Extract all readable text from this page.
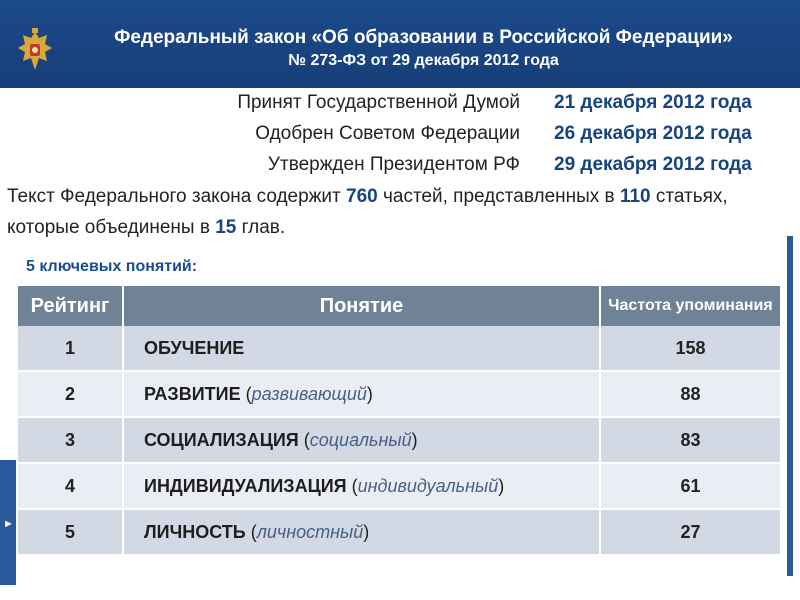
Федеральный закон «Об образовании в Российской Федерации»
№ 273-ФЗ от 29 декабря 2012 года
Принят Государственной Думой 21 декабря 2012 года
Одобрен Советом Федерации 26 декабря 2012 года
Утвержден Президентом РФ 29 декабря 2012 года
Текст Федерального закона содержит 760 частей, представленных в 110 статьях,
которые объединены в 15 глав.
5 ключевых понятий:
Рейтинг	Понятие	Частота упоминания
1	ОБУЧЕНИЕ	158
2	РАЗВИТИЕ (развивающий)	88
3	СОЦИАЛИЗАЦИЯ (социальный)	83
4	ИНДИВИДУАЛИЗАЦИЯ (индивидуальный)	61
5	ЛИЧНОСТЬ (личностный)	27
►
